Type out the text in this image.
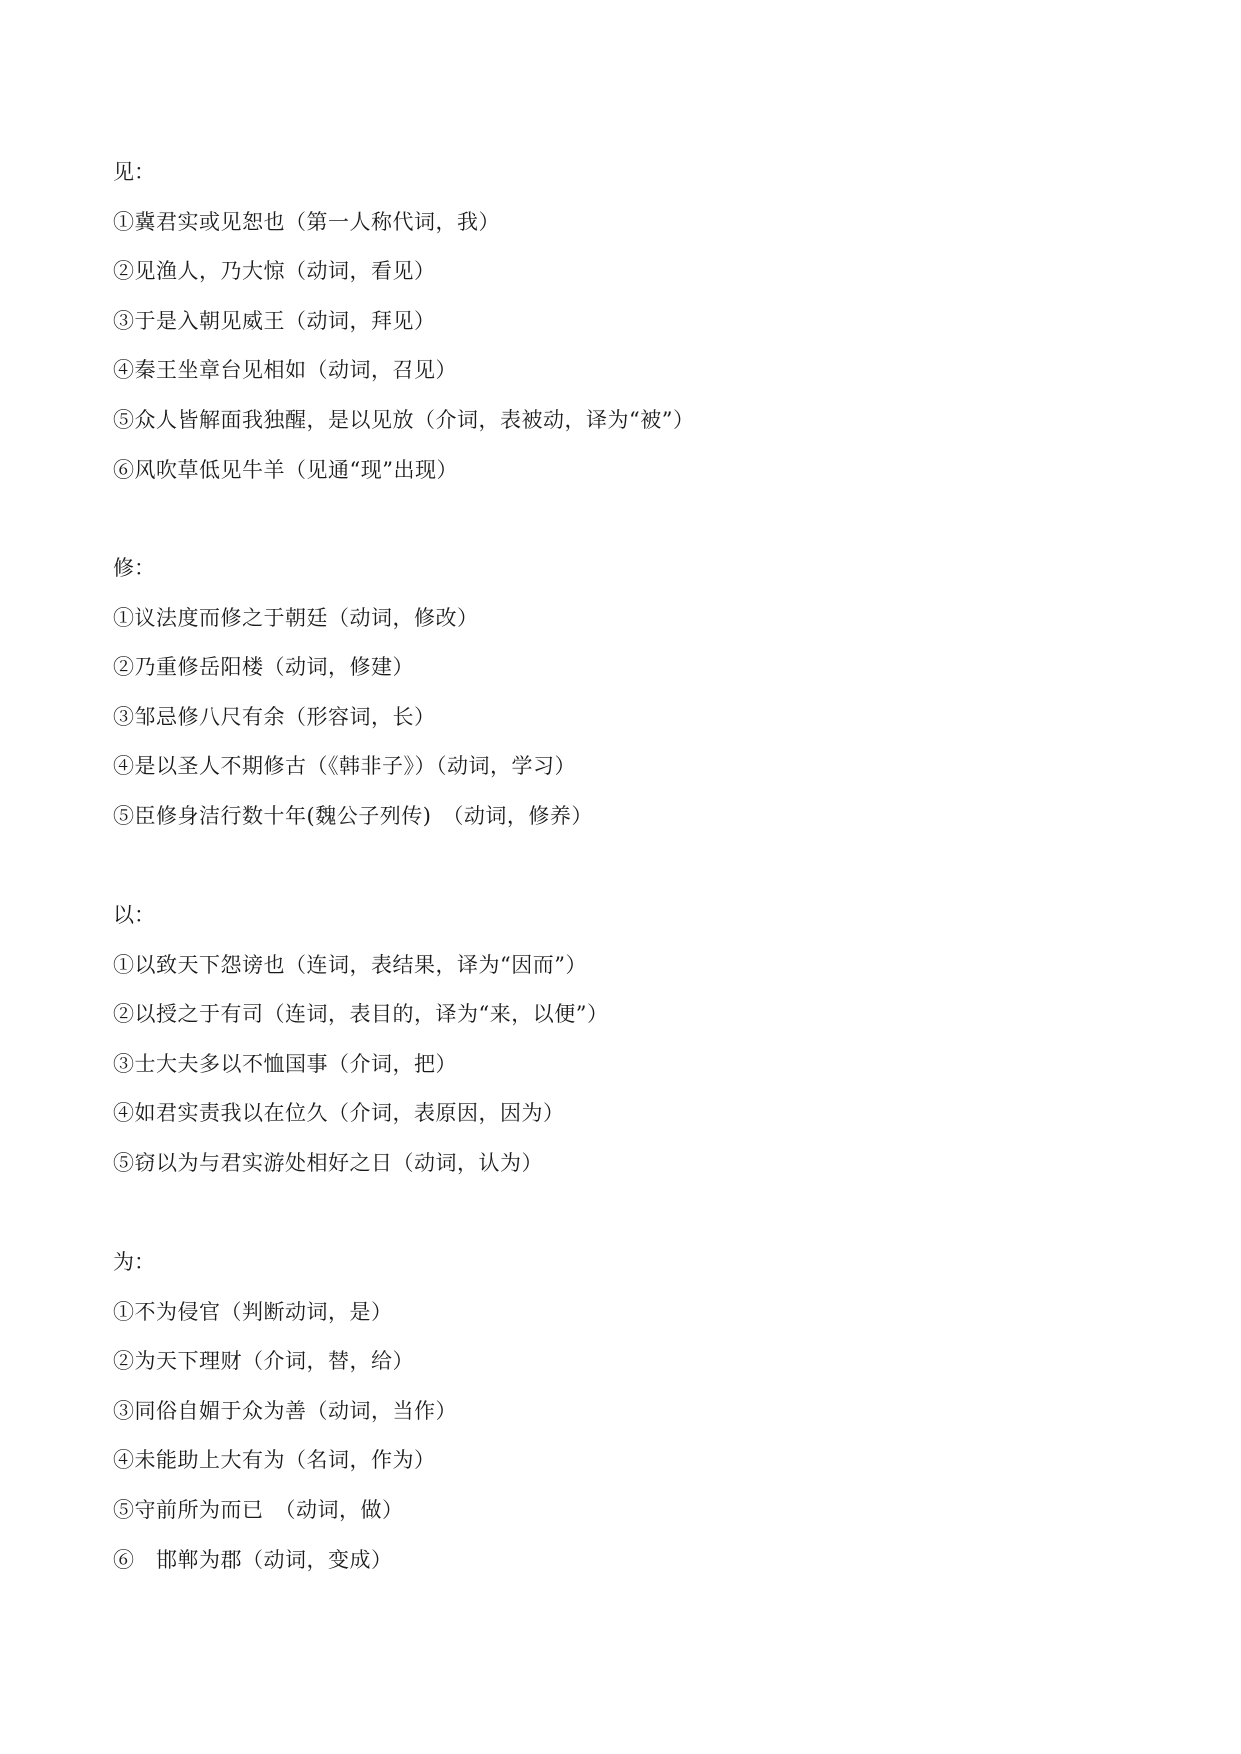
见：
①冀君实或见恕也（第一人称代词，我）
②见渔人，乃大惊（动词，看见）
③于是入朝见威王（动词，拜见）
④秦王坐章台见相如（动词，召见）
⑤众人皆解面我独醒，是以见放（介词，表被动，译为“被”）
⑥风吹草低见牛羊（见通“现”出现）
修：
①议法度而修之于朝廷（动词，修改）
②乃重修岳阳楼（动词，修建）
③邹忌修八尺有余（形容词，长）
④是以圣人不期修古（《韩非子》）（动词，学习）
⑤臣修身洁行数十年(魏公子列传)　（动词，修养）
以：
①以致天下怨谤也（连词，表结果，译为“因而”）
②以授之于有司（连词，表目的，译为“来，以便”）
③士大夫多以不恤国事（介词，把）
④如君实责我以在位久（介词，表原因，因为）
⑤窃以为与君实游处相好之日（动词，认为）
为：
①不为侵官（判断动词，是）
②为天下理财（介词，替，给）
③同俗自媚于众为善（动词，当作）
④未能助上大有为（名词，作为）
⑤守前所为而已　（动词，做）
⑥　邯郸为郡（动词，变成）
